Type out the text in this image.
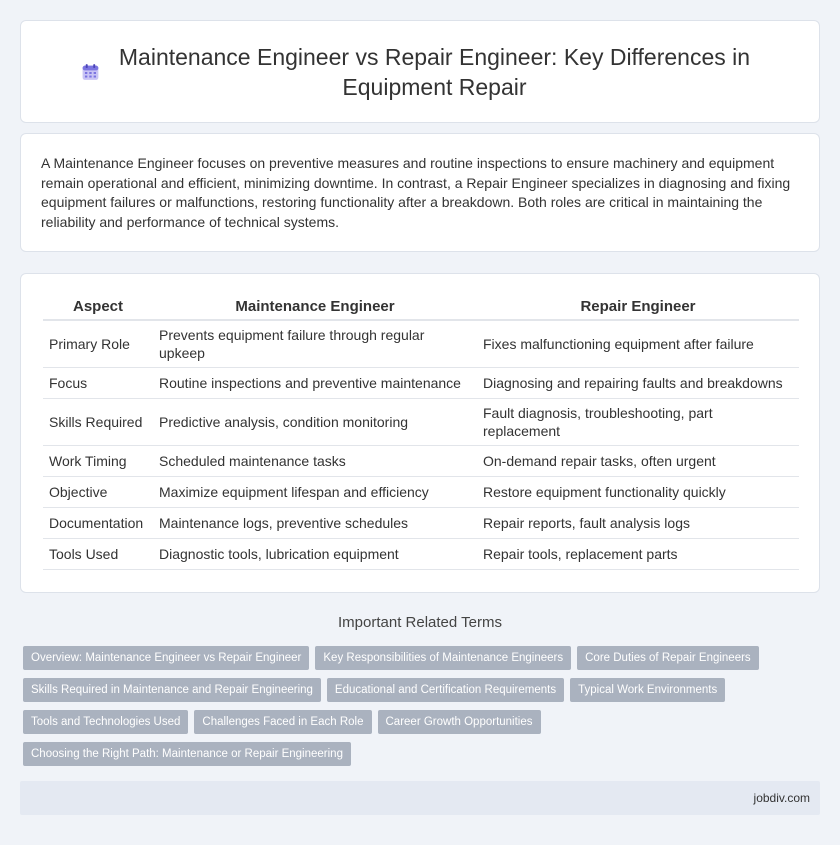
Maintenance Engineer vs Repair Engineer: Key Differences in Equipment Repair

A Maintenance Engineer focuses on preventive measures and routine inspections to ensure machinery and equipment remain operational and efficient, minimizing downtime. In contrast, a Repair Engineer specializes in diagnosing and fixing equipment failures or malfunctions, restoring functionality after a breakdown. Both roles are critical in maintaining the reliability and performance of technical systems.

Aspect	Maintenance Engineer	Repair Engineer
Primary Role	Prevents equipment failure through regular upkeep	Fixes malfunctioning equipment after failure
Focus	Routine inspections and preventive maintenance	Diagnosing and repairing faults and breakdowns
Skills Required	Predictive analysis, condition monitoring	Fault diagnosis, troubleshooting, part replacement
Work Timing	Scheduled maintenance tasks	On-demand repair tasks, often urgent
Objective	Maximize equipment lifespan and efficiency	Restore equipment functionality quickly
Documentation	Maintenance logs, preventive schedules	Repair reports, fault analysis logs
Tools Used	Diagnostic tools, lubrication equipment	Repair tools, replacement parts
Important Related Terms
Overview: Maintenance Engineer vs Repair Engineer	Key Responsibilities of Maintenance Engineers	Core Duties of Repair Engineers
Skills Required in Maintenance and Repair Engineering	Educational and Certification Requirements	Typical Work Environments
Tools and Technologies Used	Challenges Faced in Each Role	Career Growth Opportunities
Choosing the Right Path: Maintenance or Repair Engineering
jobdiv.com
